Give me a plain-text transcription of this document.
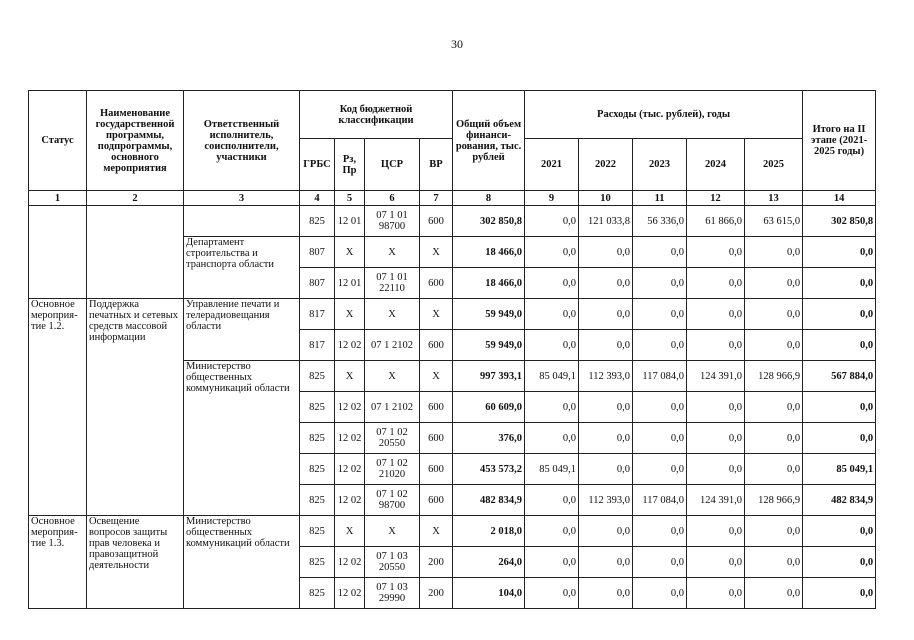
30
Статус	Наименование государственной программы, подпрограммы, основного мероприятия	Ответственный исполнитель, соисполнители, участники	Код бюджетной классификации				Общий объем финанси-рования, тыс. рублей	Расходы (тыс. рублей), годы					Итого на II этапе (2021-2025 годы)
			ГРБС	Рз, Пр	ЦСР	ВР		2021	2022	2023	2024	2025	
1	2	3	4	5	6	7	8	9	10	11	12	13	14
			825	12 01	07 1 01 98700	600	302 850,8	0,0	121 033,8	56 336,0	61 866,0	63 615,0	302 850,8
		Департамент строительства и транспорта области	807	Х	Х	Х	18 466,0	0,0	0,0	0,0	0,0	0,0	0,0
			807	12 01	07 1 01 22110	600	18 466,0	0,0	0,0	0,0	0,0	0,0	0,0
Основное мероприя-тие 1.2.	Поддержка печатных и сетевых средств массовой информации	Управление печати и телерадиовещания области	817	Х	Х	Х	59 949,0	0,0	0,0	0,0	0,0	0,0	0,0
			817	12 02	07 1 2102	600	59 949,0	0,0	0,0	0,0	0,0	0,0	0,0
		Министерство общественных коммуникаций области	825	Х	Х	Х	997 393,1	85 049,1	112 393,0	117 084,0	124 391,0	128 966,9	567 884,0
			825	12 02	07 1 2102	600	60 609,0	0,0	0,0	0,0	0,0	0,0	0,0
			825	12 02	07 1 02 20550	600	376,0	0,0	0,0	0,0	0,0	0,0	0,0
			825	12 02	07 1 02 21020	600	453 573,2	85 049,1	0,0	0,0	0,0	0,0	85 049,1
			825	12 02	07 1 02 98700	600	482 834,9	0,0	112 393,0	117 084,0	124 391,0	128 966,9	482 834,9
Основное мероприя-тие 1.3.	Освещение вопросов защиты прав человека и правозащитной деятельности	Министерство общественных коммуникаций области	825	Х	Х	Х	2 018,0	0,0	0,0	0,0	0,0	0,0	0,0
			825	12 02	07 1 03 20550	200	264,0	0,0	0,0	0,0	0,0	0,0	0,0
			825	12 02	07 1 03 29990	200	104,0	0,0	0,0	0,0	0,0	0,0	0,0
